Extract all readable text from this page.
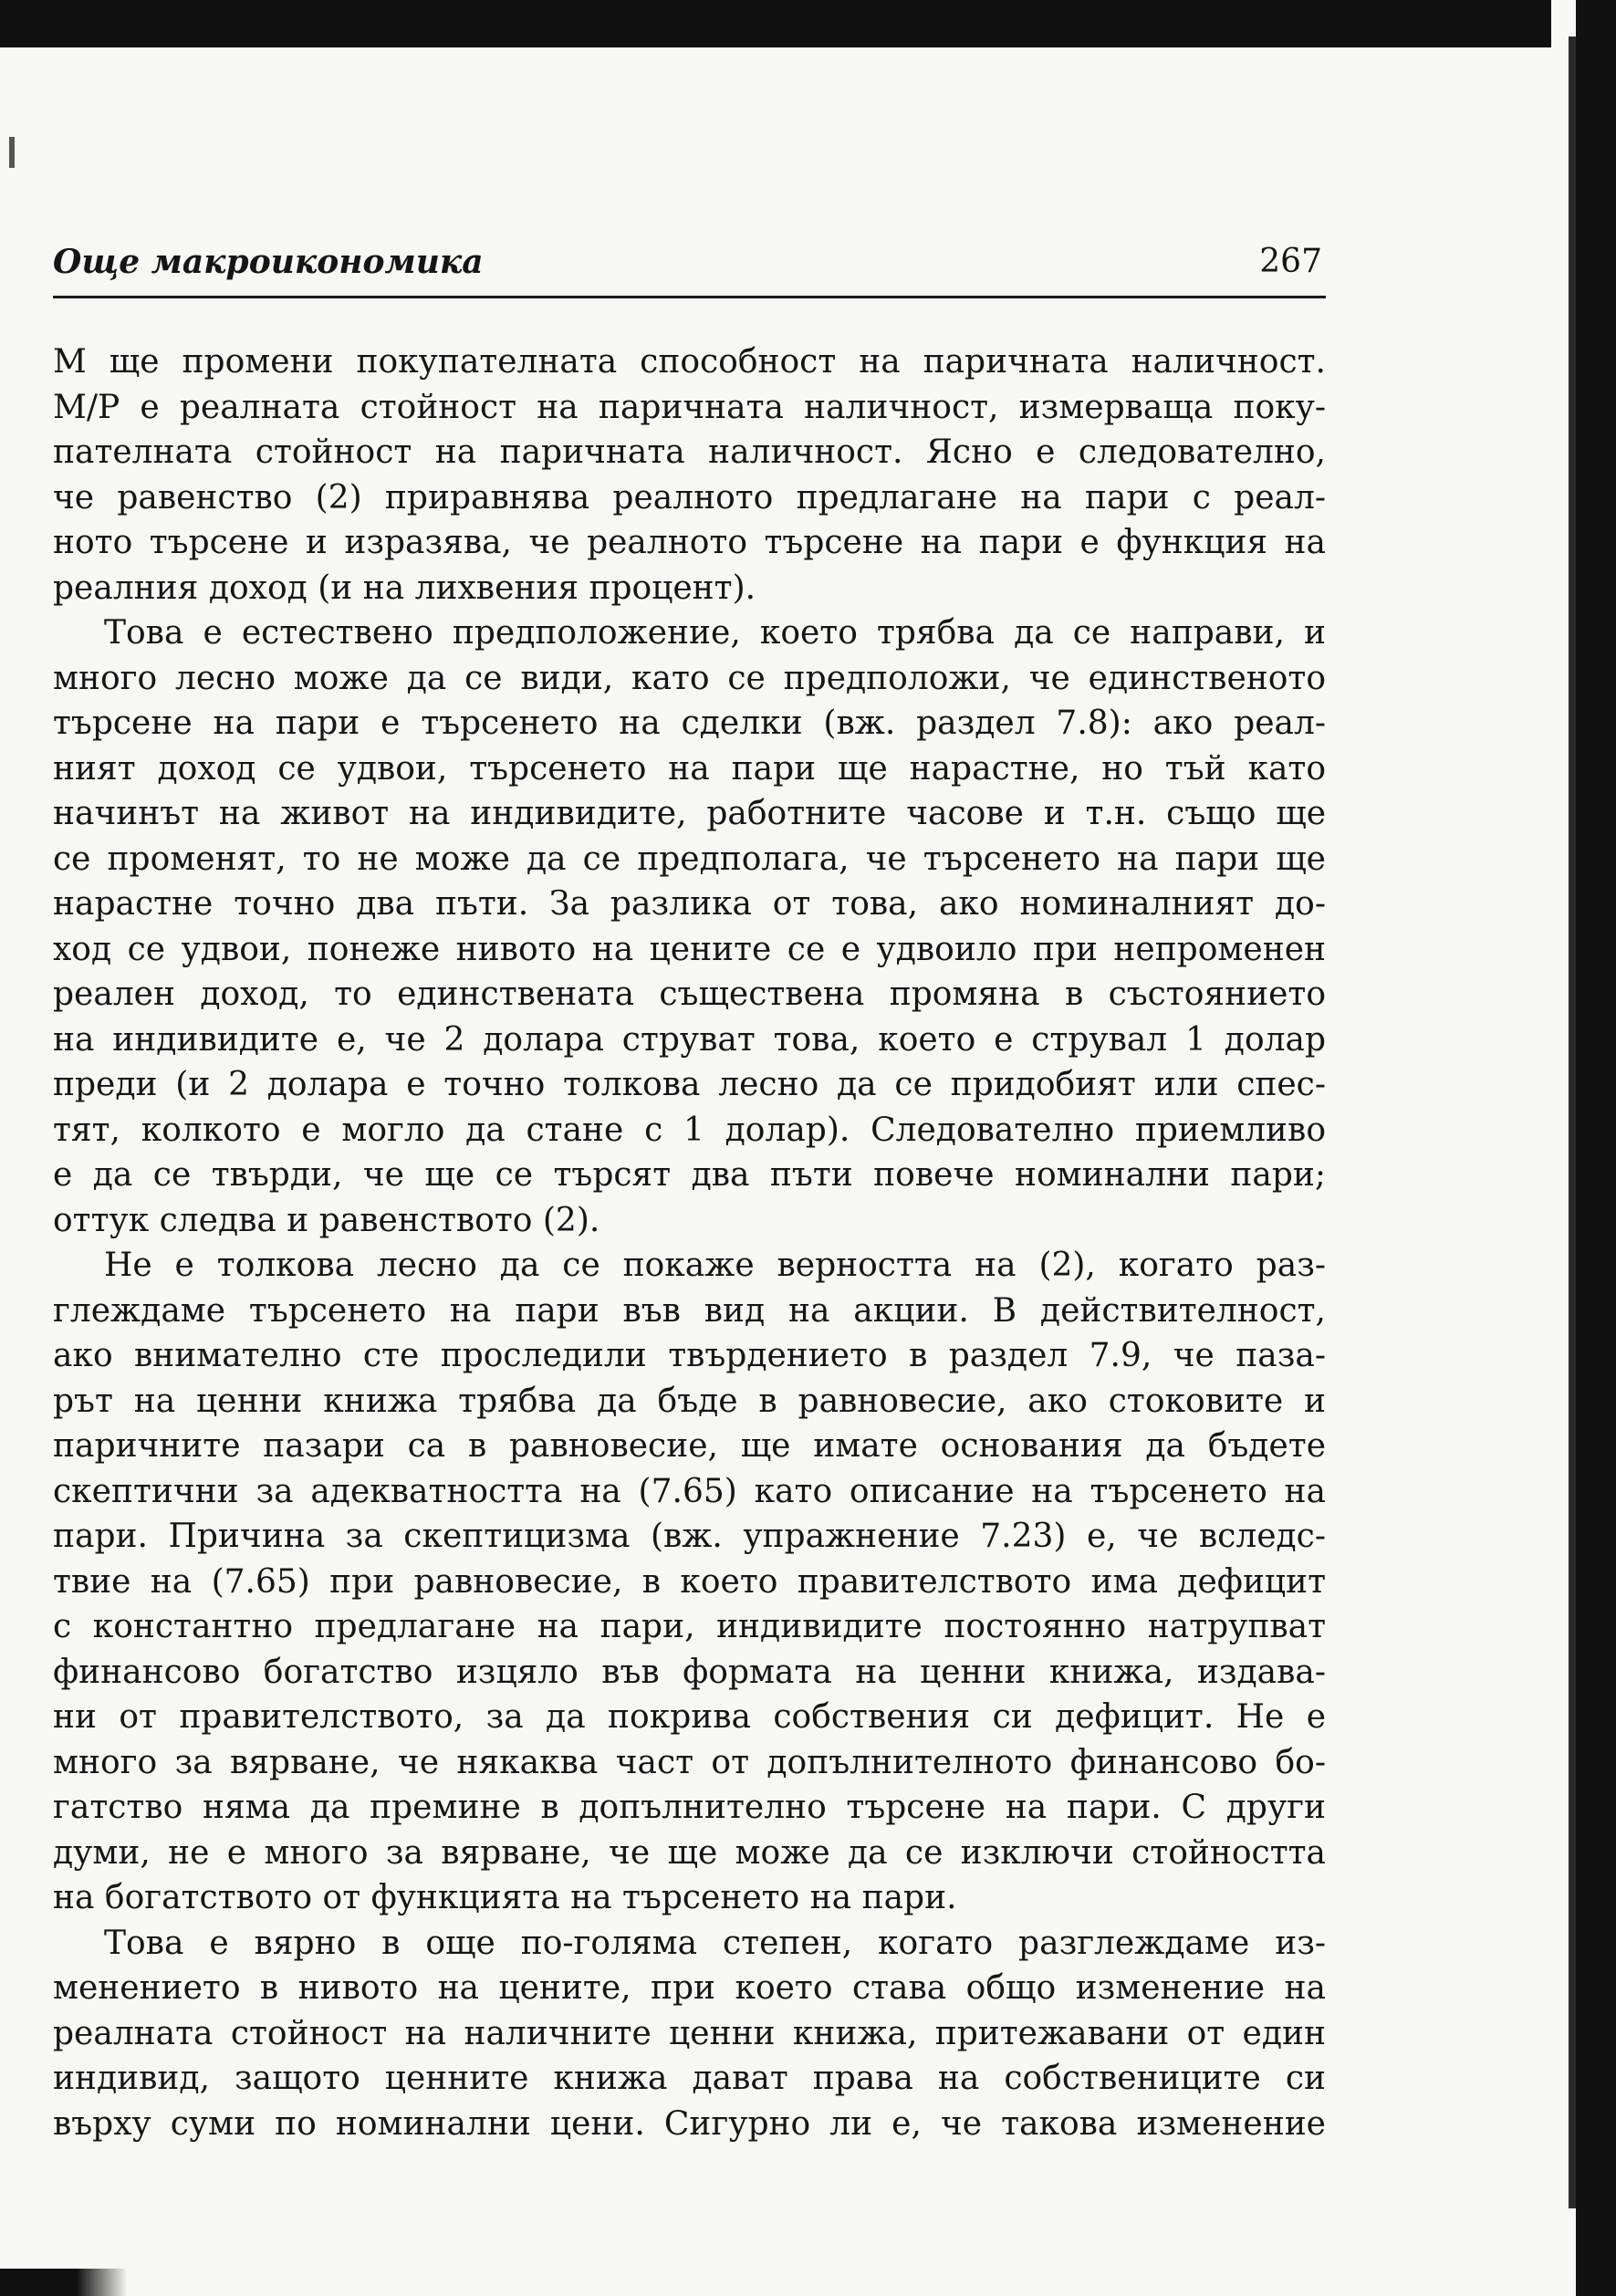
Още макроикономика	267
M ще промени покупателната способност на паричната наличност.
M/P е реалната стойност на паричната наличност, измерваща поку-
пателната стойност на паричната наличност. Ясно е следователно,
че равенство (2) приравнява реалното предлагане на пари с реал-
ното търсене и изразява, че реалното търсене на пари е функция на
реалния доход (и на лихвения процент).
Това е естествено предположение, което трябва да се направи, и
много лесно може да се види, като се предположи, че единственото
търсене на пари е търсенето на сделки (вж. раздел 7.8): ако реал-
ният доход се удвои, търсенето на пари ще нарастне, но тъй като
начинът на живот на индивидите, работните часове и т.н. също ще
се променят, то не може да се предполага, че търсенето на пари ще
нарастне точно два пъти. За разлика от това, ако номиналният до-
ход се удвои, понеже нивото на цените се е удвоило при непроменен
реален доход, то единствената съществена промяна в състоянието
на индивидите е, че 2 долара струват това, което е струвал 1 долар
преди (и 2 долара е точно толкова лесно да се придобият или спес-
тят, колкото е могло да стане с 1 долар). Следователно приемливо
е да се твърди, че ще се търсят два пъти повече номинални пари;
оттук следва и равенството (2).
Не е толкова лесно да се покаже верността на (2), когато раз-
глеждаме търсенето на пари във вид на акции. В действителност,
ако внимателно сте проследили твърдението в раздел 7.9, че паза-
рът на ценни книжа трябва да бъде в равновесие, ако стоковите и
паричните пазари са в равновесие, ще имате основания да бъдете
скептични за адекватността на (7.65) като описание на търсенето на
пари. Причина за скептицизма (вж. упражнение 7.23) е, че вследс-
твие на (7.65) при равновесие, в което правителството има дефицит
с константно предлагане на пари, индивидите постоянно натрупват
финансово богатство изцяло във формата на ценни книжа, издава-
ни от правителството, за да покрива собствения си дефицит. Не е
много за вярване, че някаква част от допълнителното финансово бо-
гатство няма да премине в допълнително търсене на пари. С други
думи, не е много за вярване, че ще може да се изключи стойността
на богатството от функцията на търсенето на пари.
Това е вярно в още по-голяма степен, когато разглеждаме из-
менението в нивото на цените, при което става общо изменение на
реалната стойност на наличните ценни книжа, притежавани от един
индивид, защото ценните книжа дават права на собствениците си
върху суми по номинални цени. Сигурно ли е, че такова изменение
